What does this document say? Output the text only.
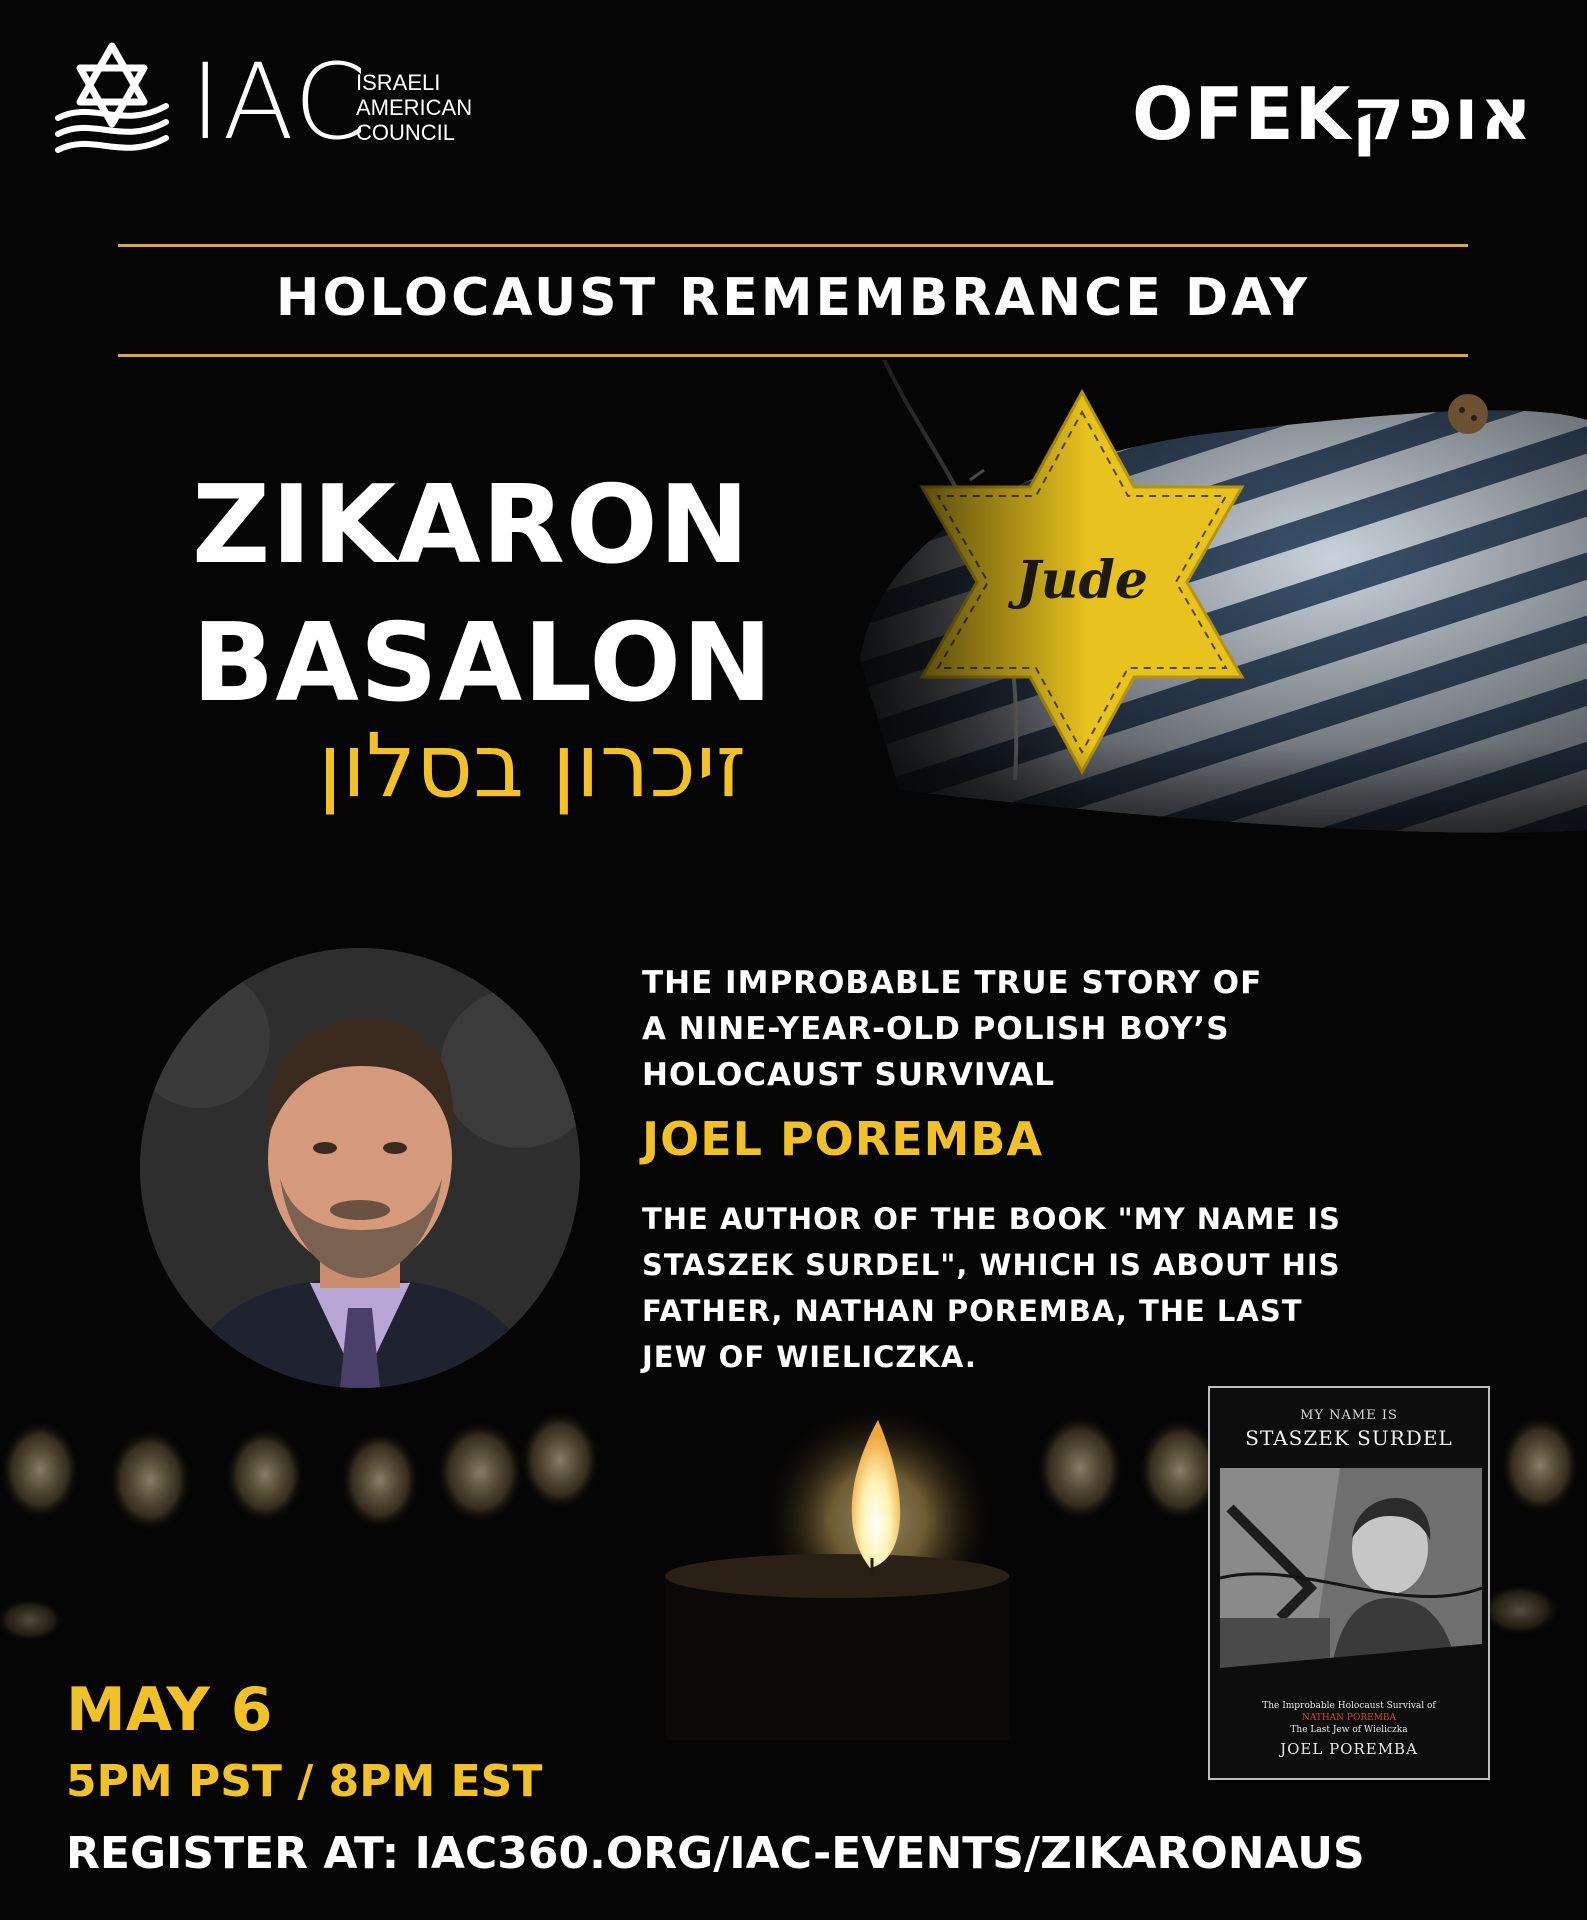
IAC
ISRAELI
AMERICAN
COUNCIL	OFEKאופק
HOLOCAUST REMEMBRANCE DAY
ZIKARON
BASALON
זיכרון בסלון
THE IMPROBABLE TRUE STORY OF
A NINE-YEAR-OLD POLISH BOY’S
HOLOCAUST SURVIVAL
JOEL POREMBA
THE AUTHOR OF THE BOOK "MY NAME IS
STASZEK SURDEL", WHICH IS ABOUT HIS
FATHER, NATHAN POREMBA, THE LAST
JEW OF WIELICZKA.
MY NAME IS
STASZEK SURDEL
The Improbable Holocaust Survival of
NATHAN POREMBA
The Last Jew of Wieliczka
JOEL POREMBA
MAY 6
5PM PST / 8PM EST
REGISTER AT: IAC360.ORG/IAC-EVENTS/ZIKARONAUS
